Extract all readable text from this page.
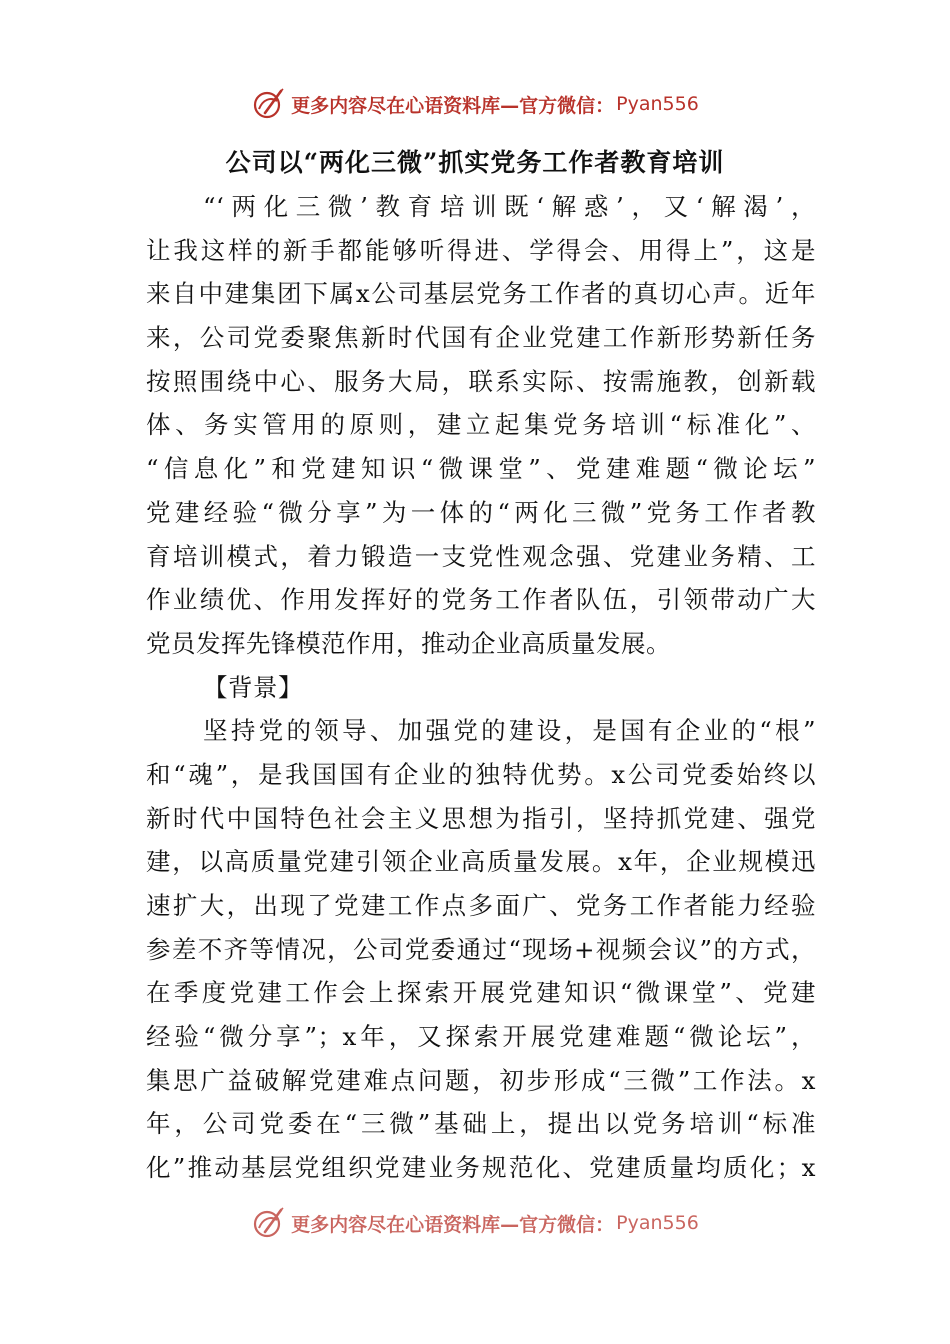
更多内容尽在心语资料库—官方微信： Pyan556
公司以“两化三微”抓实党务工作者教育培训
“‘两化三微’教育培训既‘解惑’，又‘解渴’，
让我这样的新手都能够听得进、学得会、用得上”，这是
来自中建集团下属x公司基层党务工作者的真切心声。近年
来，公司党委聚焦新时代国有企业党建工作新形势新任务
按照围绕中心、服务大局，联系实际、按需施教，创新载
体、务实管用的原则，建立起集党务培训“标准化”、
“信息化”和党建知识“微课堂”、党建难题“微论坛”
党建经验“微分享”为一体的“两化三微”党务工作者教
育培训模式，着力锻造一支党性观念强、党建业务精、工
作业绩优、作用发挥好的党务工作者队伍，引领带动广大
党员发挥先锋模范作用，推动企业高质量发展。
【背景】
坚持党的领导、加强党的建设，是国有企业的“根”
和“魂”，是我国国有企业的独特优势。x公司党委始终以
新时代中国特色社会主义思想为指引，坚持抓党建、强党
建，以高质量党建引领企业高质量发展。x年，企业规模迅
速扩大，出现了党建工作点多面广、党务工作者能力经验
参差不齐等情况，公司党委通过“现场+视频会议”的方式，
在季度党建工作会上探索开展党建知识“微课堂”、党建
经验“微分享”；x年，又探索开展党建难题“微论坛”，
集思广益破解党建难点问题，初步形成“三微”工作法。x
年，公司党委在“三微”基础上，提出以党务培训“标准
化”推动基层党组织党建业务规范化、党建质量均质化；x
更多内容尽在心语资料库—官方微信： Pyan556
